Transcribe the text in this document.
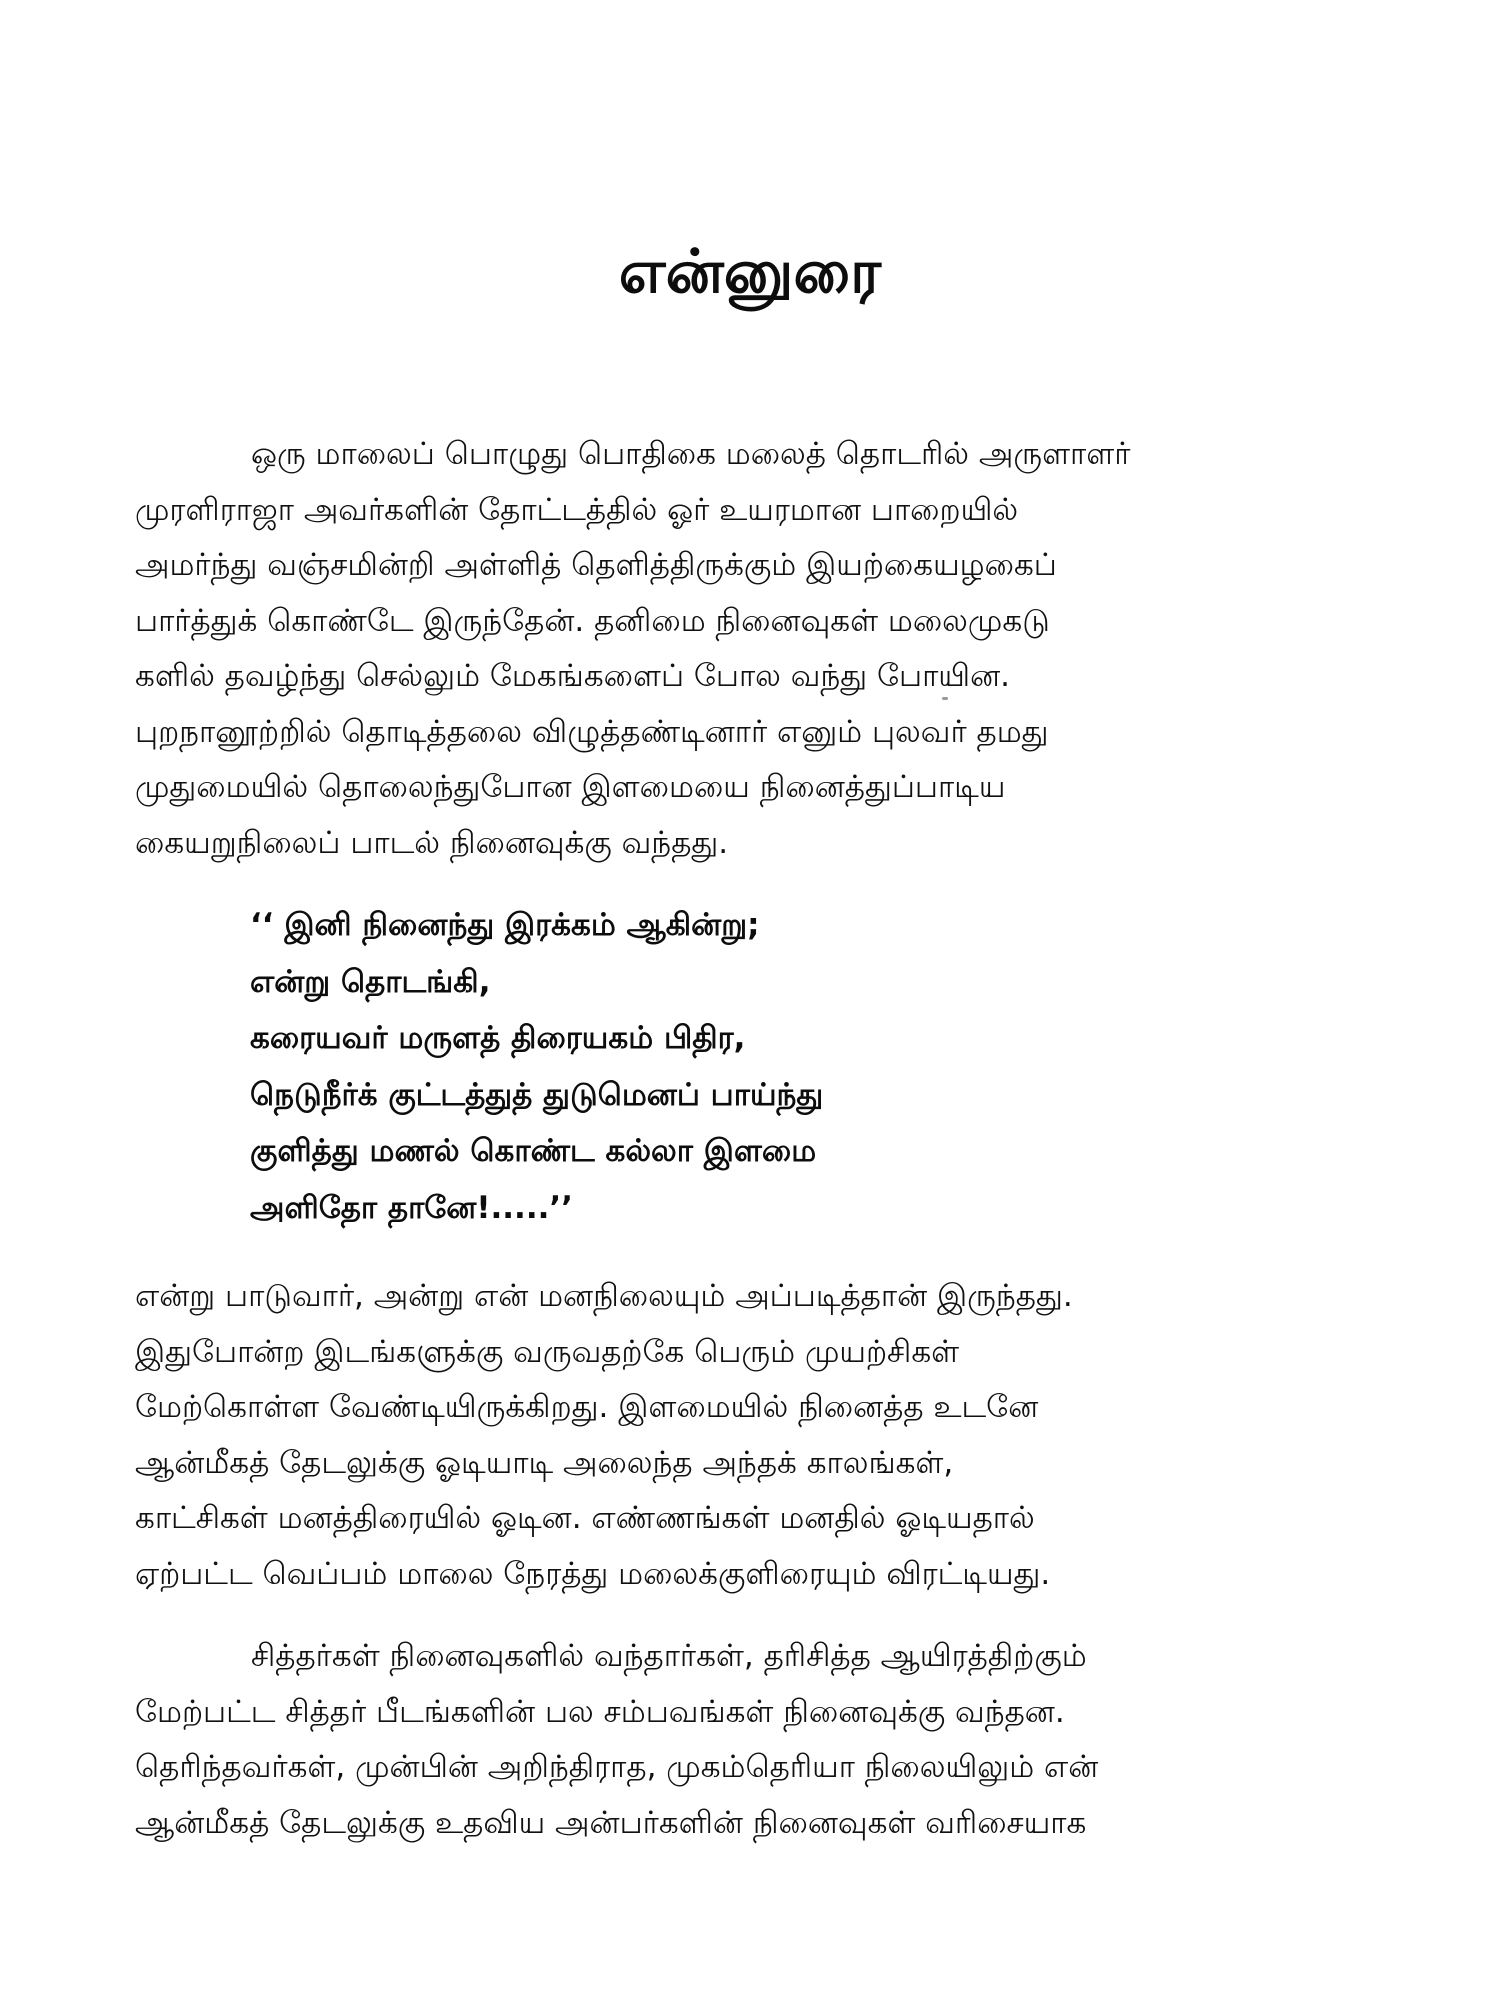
என்னுரை
ஒரு மாலைப் பொழுது பொதிகை மலைத் தொடரில் அருளாளர்
முரளிராஜா அவர்களின் தோட்டத்தில் ஓர் உயரமான பாறையில்
அமர்ந்து வஞ்சமின்றி அள்ளித் தெளித்திருக்கும் இயற்கையழகைப்
பார்த்துக் கொண்டே இருந்தேன். தனிமை நினைவுகள் மலைமுகடு
களில் தவழ்ந்து செல்லும் மேகங்களைப் போல வந்து போயின.
புறநானூற்றில் தொடித்தலை விழுத்தண்டினார் எனும் புலவர் தமது
முதுமையில் தொலைந்துபோன இளமையை நினைத்துப்பாடிய
கையறுநிலைப் பாடல் நினைவுக்கு வந்தது.
‘‘ இனி நினைந்து இரக்கம் ஆகின்று;
என்று தொடங்கி,
கரையவர் மருளத் திரையகம் பிதிர,
நெடுநீர்க் குட்டத்துத் துடுமெனப் பாய்ந்து
குளித்து மணல் கொண்ட கல்லா இளமை
அளிதோ தானே!.....’’
என்று பாடுவார், அன்று என் மனநிலையும் அப்படித்தான் இருந்தது.
இதுபோன்ற இடங்களுக்கு வருவதற்கே பெரும் முயற்சிகள்
மேற்கொள்ள வேண்டியிருக்கிறது. இளமையில் நினைத்த உடனே
ஆன்மீகத் தேடலுக்கு ஓடியாடி அலைந்த அந்தக் காலங்கள்,
காட்சிகள் மனத்திரையில் ஓடின. எண்ணங்கள் மனதில் ஓடியதால்
ஏற்பட்ட வெப்பம் மாலை நேரத்து மலைக்குளிரையும் விரட்டியது.
சித்தர்கள் நினைவுகளில் வந்தார்கள், தரிசித்த ஆயிரத்திற்கும்
மேற்பட்ட சித்தர் பீடங்களின் பல சம்பவங்கள் நினைவுக்கு வந்தன.
தெரிந்தவர்கள், முன்பின் அறிந்திராத, முகம்தெரியா நிலையிலும் என்
ஆன்மீகத் தேடலுக்கு உதவிய அன்பர்களின் நினைவுகள் வரிசையாக
